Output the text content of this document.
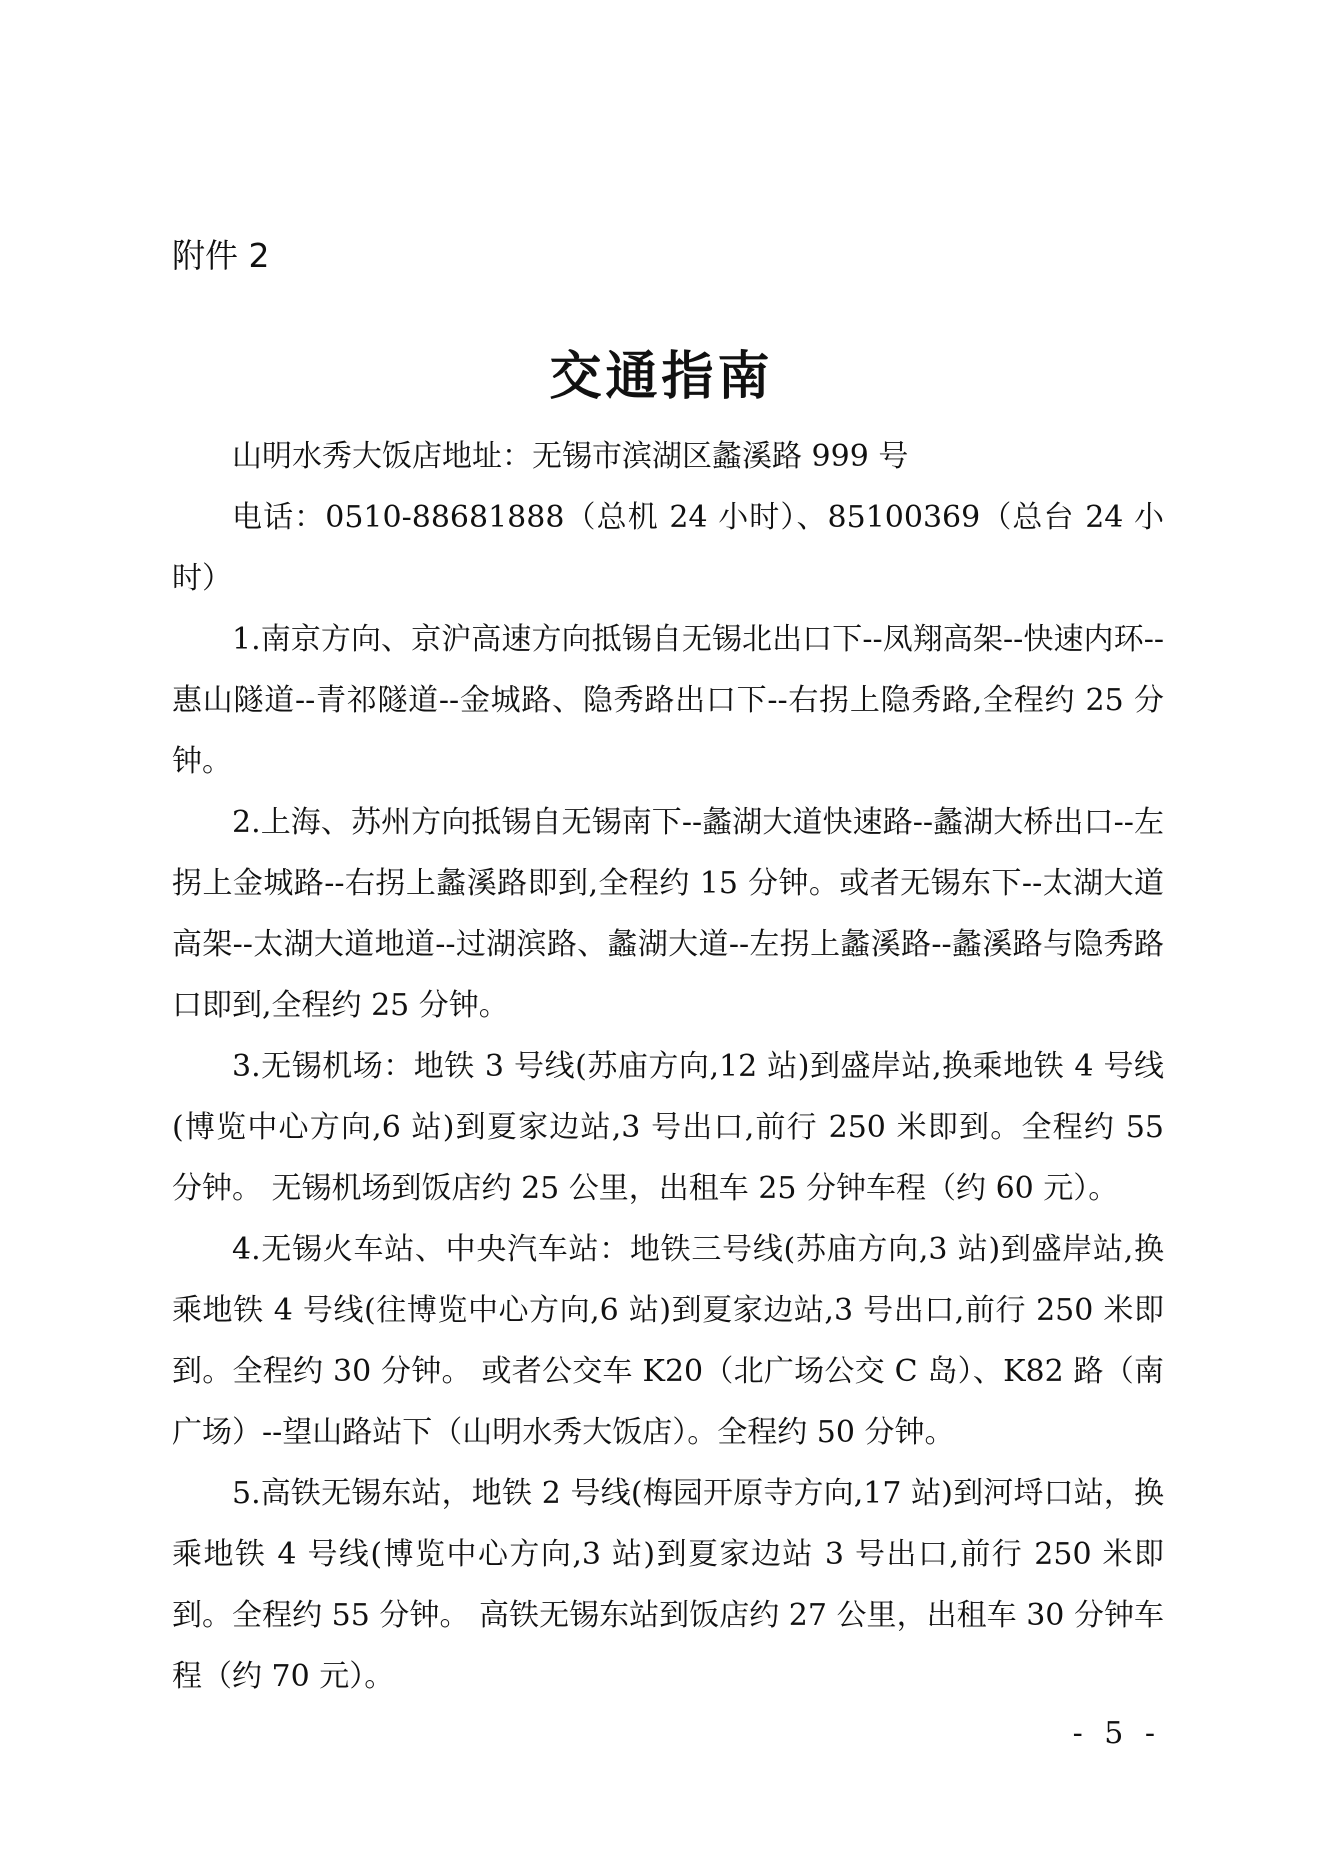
附件 2
交通指南

山明水秀大饭店地址：无锡市滨湖区蠡溪路 999 号

电话：0510-88681888（总机 24 小时）、85100369（总台 24 小时）

1.南京方向、京沪高速方向抵锡自无锡北出口下--凤翔高架--快速内环--惠山隧道--青祁隧道--金城路、隐秀路出口下--右拐上隐秀路,全程约 25 分钟。

2.上海、苏州方向抵锡自无锡南下--蠡湖大道快速路--蠡湖大桥出口--左拐上金城路--右拐上蠡溪路即到,全程约 15 分钟。或者无锡东下--太湖大道高架--太湖大道地道--过湖滨路、蠡湖大道--左拐上蠡溪路--蠡溪路与隐秀路口即到,全程约 25 分钟。

3.无锡机场：地铁 3 号线(苏庙方向,12 站)到盛岸站,换乘地铁 4 号线(博览中心方向,6 站)到夏家边站,3 号出口,前行 250 米即到。全程约 55 分钟。 无锡机场到饭店约 25 公里，出租车 25 分钟车程（约 60 元）。

4.无锡火车站、中央汽车站：地铁三号线(苏庙方向,3 站)到盛岸站,换乘地铁 4 号线(往博览中心方向,6 站)到夏家边站,3 号出口,前行 250 米即到。全程约 30 分钟。 或者公交车 K20（北广场公交 C 岛）、K82 路（南广场）--望山路站下（山明水秀大饭店）。全程约 50 分钟。

5.高铁无锡东站，地铁 2 号线(梅园开原寺方向,17 站)到河埒口站，换乘地铁 4 号线(博览中心方向,3 站)到夏家边站 3 号出口,前行 250 米即到。全程约 55 分钟。 高铁无锡东站到饭店约 27 公里，出租车 30 分钟车程（约 70 元）。

- 5 -
